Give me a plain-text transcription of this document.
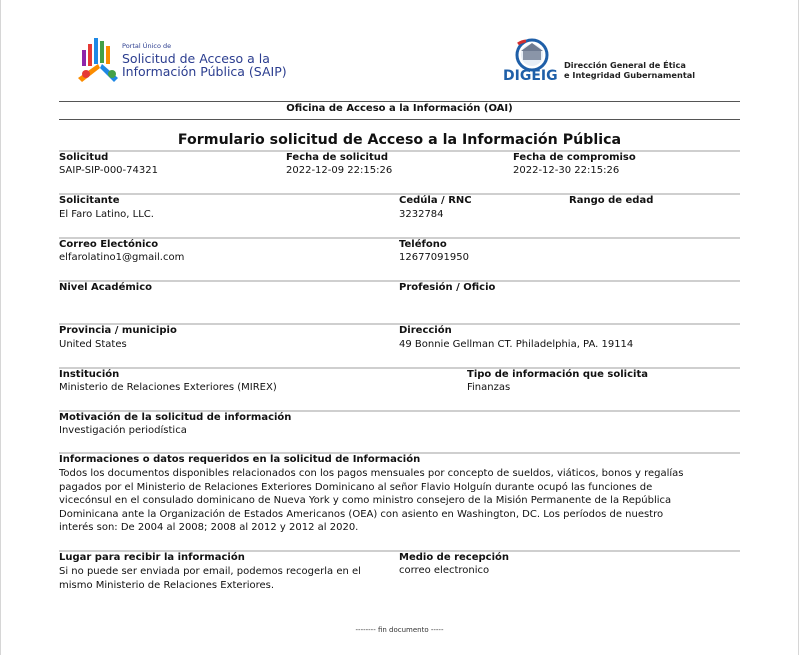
Portal Único de
Solicitud de Acceso a la
Información Pública (SAIP)	DIGEIG
Dirección General de Ética
e Integridad Gubernamental
Oficina de Acceso a la Información (OAI)
Formulario solicitud de Acceso a la Información Pública
Solicitud
SAIP-SIP-000-74321
Fecha de solicitud
2022-12-09 22:15:26
Fecha de compromiso
2022-12-30 22:15:26
Solicitante
El Faro Latino, LLC.
Cedúla / RNC
3232784
Rango de edad
Correo Electónico
elfarolatino1@gmail.com
Teléfono
12677091950
Nivel Académico	Profesión / Oficio
Provincia / municipio
United States
Dirección
49 Bonnie Gellman CT. Philadelphia, PA. 19114
Institución
Ministerio de Relaciones Exteriores (MIREX)
Tipo de información que solicita
Finanzas
Motivación de la solicitud de información
Investigación periodística
Informaciones o datos requeridos en la solicitud de Información
Todos los documentos disponibles relacionados con los pagos mensuales por concepto de sueldos, viáticos, bonos y regalías
pagados por el Ministerio de Relaciones Exteriores Dominicano al señor Flavio Holguín durante ocupó las funciones de
vicecónsul en el consulado dominicano de Nueva York y como ministro consejero de la Misión Permanente de la República
Dominicana ante la Organización de Estados Americanos (OEA) con asiento en Washington, DC. Los períodos de nuestro
interés son: De 2004 al 2008; 2008 al 2012 y 2012 al 2020.
Lugar para recibir la información
Si no puede ser enviada por email, podemos recogerla en el
mismo Ministerio de Relaciones Exteriores.
Medio de recepción
correo electronico
-------- fin documento -----
